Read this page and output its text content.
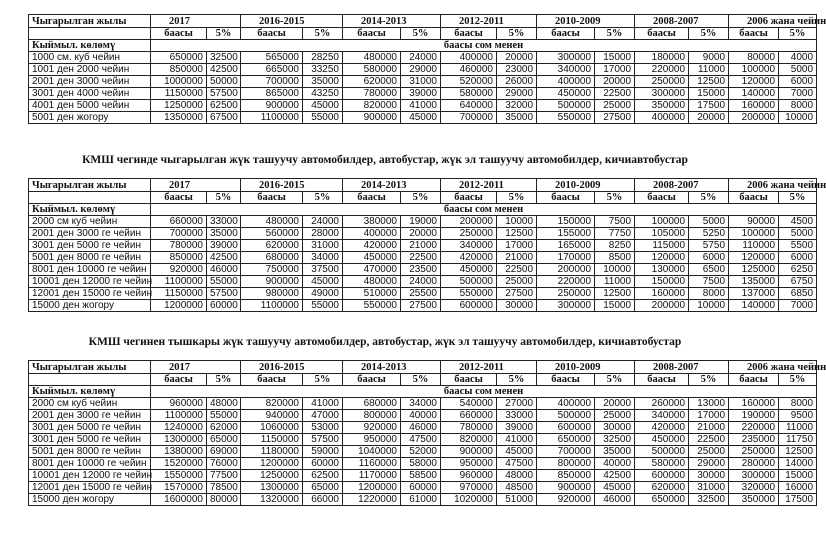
Чыгарылган жылы	2017		2016-2015		2014-2013		2012-2011		2010-2009		2008-2007		2006 жана чейин	
	баасы	5%	баасы	5%	баасы	5%	баасы	5%	баасы	5%	баасы	5%	баасы	5%
Кыймыл. көлөмү	баасы сом менен													
1000 см. куб чейин	650000	32500	565000	28250	480000	24000	400000	20000	300000	15000	180000	9000	80000	4000
1001 ден 2000 чейин	850000	42500	665000	33250	580000	29000	460000	23000	340000	17000	220000	11000	100000	5000
2001 ден 3000 чейин	1000000	50000	700000	35000	620000	31000	520000	26000	400000	20000	250000	12500	120000	6000
3001 ден 4000 чейин	1150000	57500	865000	43250	780000	39000	580000	29000	450000	22500	300000	15000	140000	7000
4001 ден 5000 чейин	1250000	62500	900000	45000	820000	41000	640000	32000	500000	25000	350000	17500	160000	8000
5001 ден жогору	1350000	67500	1100000	55000	900000	45000	700000	35000	550000	27500	400000	20000	200000	10000
КМШ чегинде чыгарылган жүк ташуучу автомобилдер, автобустар, жүк эл ташуучу автомобилдер, кичиавтобустар
Чыгарылган жылы	2017		2016-2015		2014-2013		2012-2011		2010-2009		2008-2007		2006 жана чейин	
	баасы	5%	баасы	5%	баасы	5%	баасы	5%	баасы	5%	баасы	5%	баасы	5%
Кыймыл. көлөмү	баасы сом менен													
2000 см куб чейин	660000	33000	480000	24000	380000	19000	200000	10000	150000	7500	100000	5000	90000	4500
2001 ден 3000 ге чейин	700000	35000	560000	28000	400000	20000	250000	12500	155000	7750	105000	5250	100000	5000
3001 ден 5000 ге чейин	780000	39000	620000	31000	420000	21000	340000	17000	165000	8250	115000	5750	110000	5500
5001 ден 8000 ге чейин	850000	42500	680000	34000	450000	22500	420000	21000	170000	8500	120000	6000	120000	6000
8001 ден 10000 ге чейин	920000	46000	750000	37500	470000	23500	450000	22500	200000	10000	130000	6500	125000	6250
10001 ден 12000 ге чейин	1100000	55000	900000	45000	480000	24000	500000	25000	220000	11000	150000	7500	135000	6750
12001 ден 15000 ге чейин	1150000	57500	980000	49000	510000	25500	550000	27500	250000	12500	160000	8000	137000	6850
15000 ден жогору	1200000	60000	1100000	55000	550000	27500	600000	30000	300000	15000	200000	10000	140000	7000
КМШ чегинен тышкары жүк ташуучу автомобилдер, автобустар, жүк эл ташуучу автомобилдер, кичиавтобустар
Чыгарылган жылы	2017		2016-2015		2014-2013		2012-2011		2010-2009		2008-2007		2006 жана чейин	
	баасы	5%	баасы	5%	баасы	5%	баасы	5%	баасы	5%	баасы	5%	баасы	5%
Кыймыл. көлөмү	баасы сом менен													
2000 см куб чейин	960000	48000	820000	41000	680000	34000	540000	27000	400000	20000	260000	13000	160000	8000
2001 ден 3000 ге чейин	1100000	55000	940000	47000	800000	40000	660000	33000	500000	25000	340000	17000	190000	9500
3001 ден 5000 ге чейин	1240000	62000	1060000	53000	920000	46000	780000	39000	600000	30000	420000	21000	220000	11000
3001 ден 5000 ге чейин	1300000	65000	1150000	57500	950000	47500	820000	41000	650000	32500	450000	22500	235000	11750
5001 ден 8000 ге чейин	1380000	69000	1180000	59000	1040000	52000	900000	45000	700000	35000	500000	25000	250000	12500
8001 ден 10000 ге чейин	1520000	76000	1200000	60000	1160000	58000	950000	47500	800000	40000	580000	29000	280000	14000
10001 ден 12000 ге чейин	1550000	77500	1250000	62500	1170000	58500	960000	48000	850000	42500	600000	30000	300000	15000
12001 ден 15000 ге чейин	1570000	78500	1300000	65000	1200000	60000	970000	48500	900000	45000	620000	31000	320000	16000
15000 ден жогору	1600000	80000	1320000	66000	1220000	61000	1020000	51000	920000	46000	650000	32500	350000	17500
